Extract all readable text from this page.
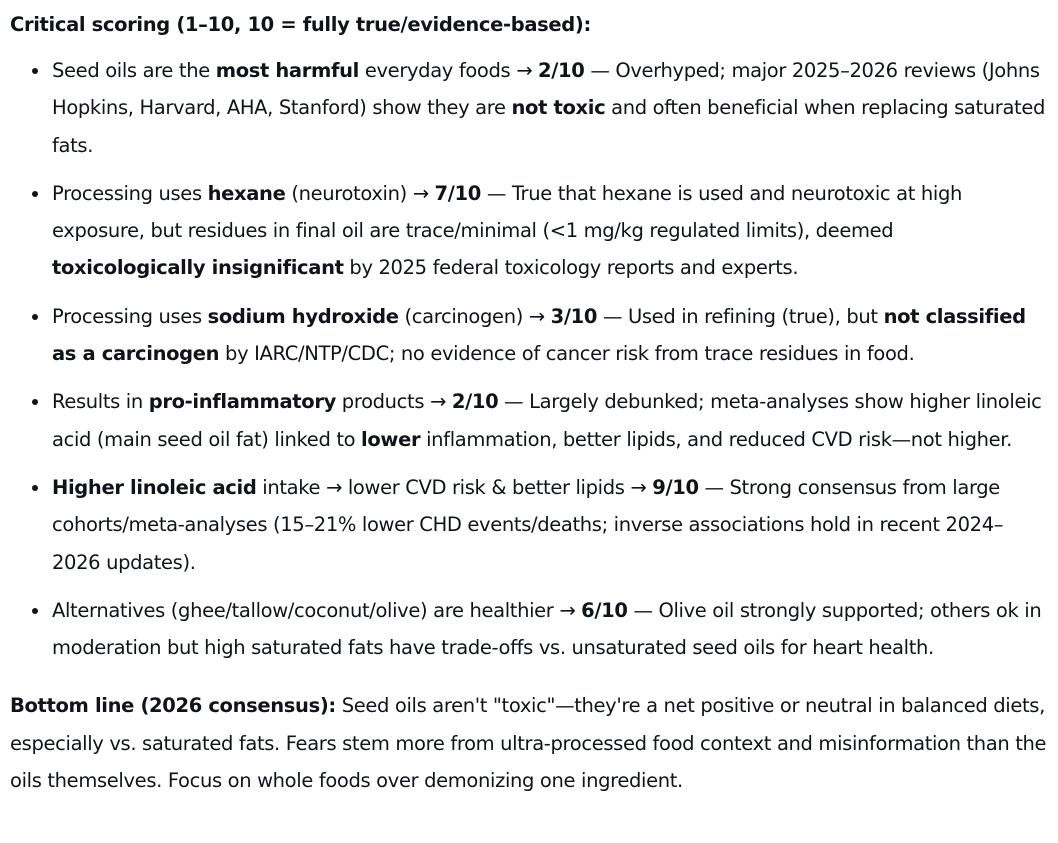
Critical scoring (1–10, 10 = fully true/evidence-based):

Seed oils are the most harmful everyday foods → 2/10 — Overhyped; major 2025–2026 reviews (Johns Hopkins, Harvard, AHA, Stanford) show they are not toxic and often beneficial when replacing saturated fats.
Processing uses hexane (neurotoxin) → 7/10 — True that hexane is used and neurotoxic at high exposure, but residues in final oil are trace/minimal (<1 mg/kg regulated limits), deemed toxicologically insignificant by 2025 federal toxicology reports and experts.
Processing uses sodium hydroxide (carcinogen) → 3/10 — Used in refining (true), but not classified as a carcinogen by IARC/NTP/CDC; no evidence of cancer risk from trace residues in food.
Results in pro-inflammatory products → 2/10 — Largely debunked; meta-analyses show higher linoleic acid (main seed oil fat) linked to lower inflammation, better lipids, and reduced CVD risk—not higher.
Higher linoleic acid intake → lower CVD risk & better lipids → 9/10 — Strong consensus from large cohorts/meta-analyses (15–21% lower CHD events/deaths; inverse associations hold in recent 2024–2026 updates).
Alternatives (ghee/tallow/coconut/olive) are healthier → 6/10 — Olive oil strongly supported; others ok in moderation but high saturated fats have trade-offs vs. unsaturated seed oils for heart health.

Bottom line (2026 consensus): Seed oils aren't "toxic"—they're a net positive or neutral in balanced diets, especially vs. saturated fats. Fears stem more from ultra-processed food context and misinformation than the oils themselves. Focus on whole foods over demonizing one ingredient.
